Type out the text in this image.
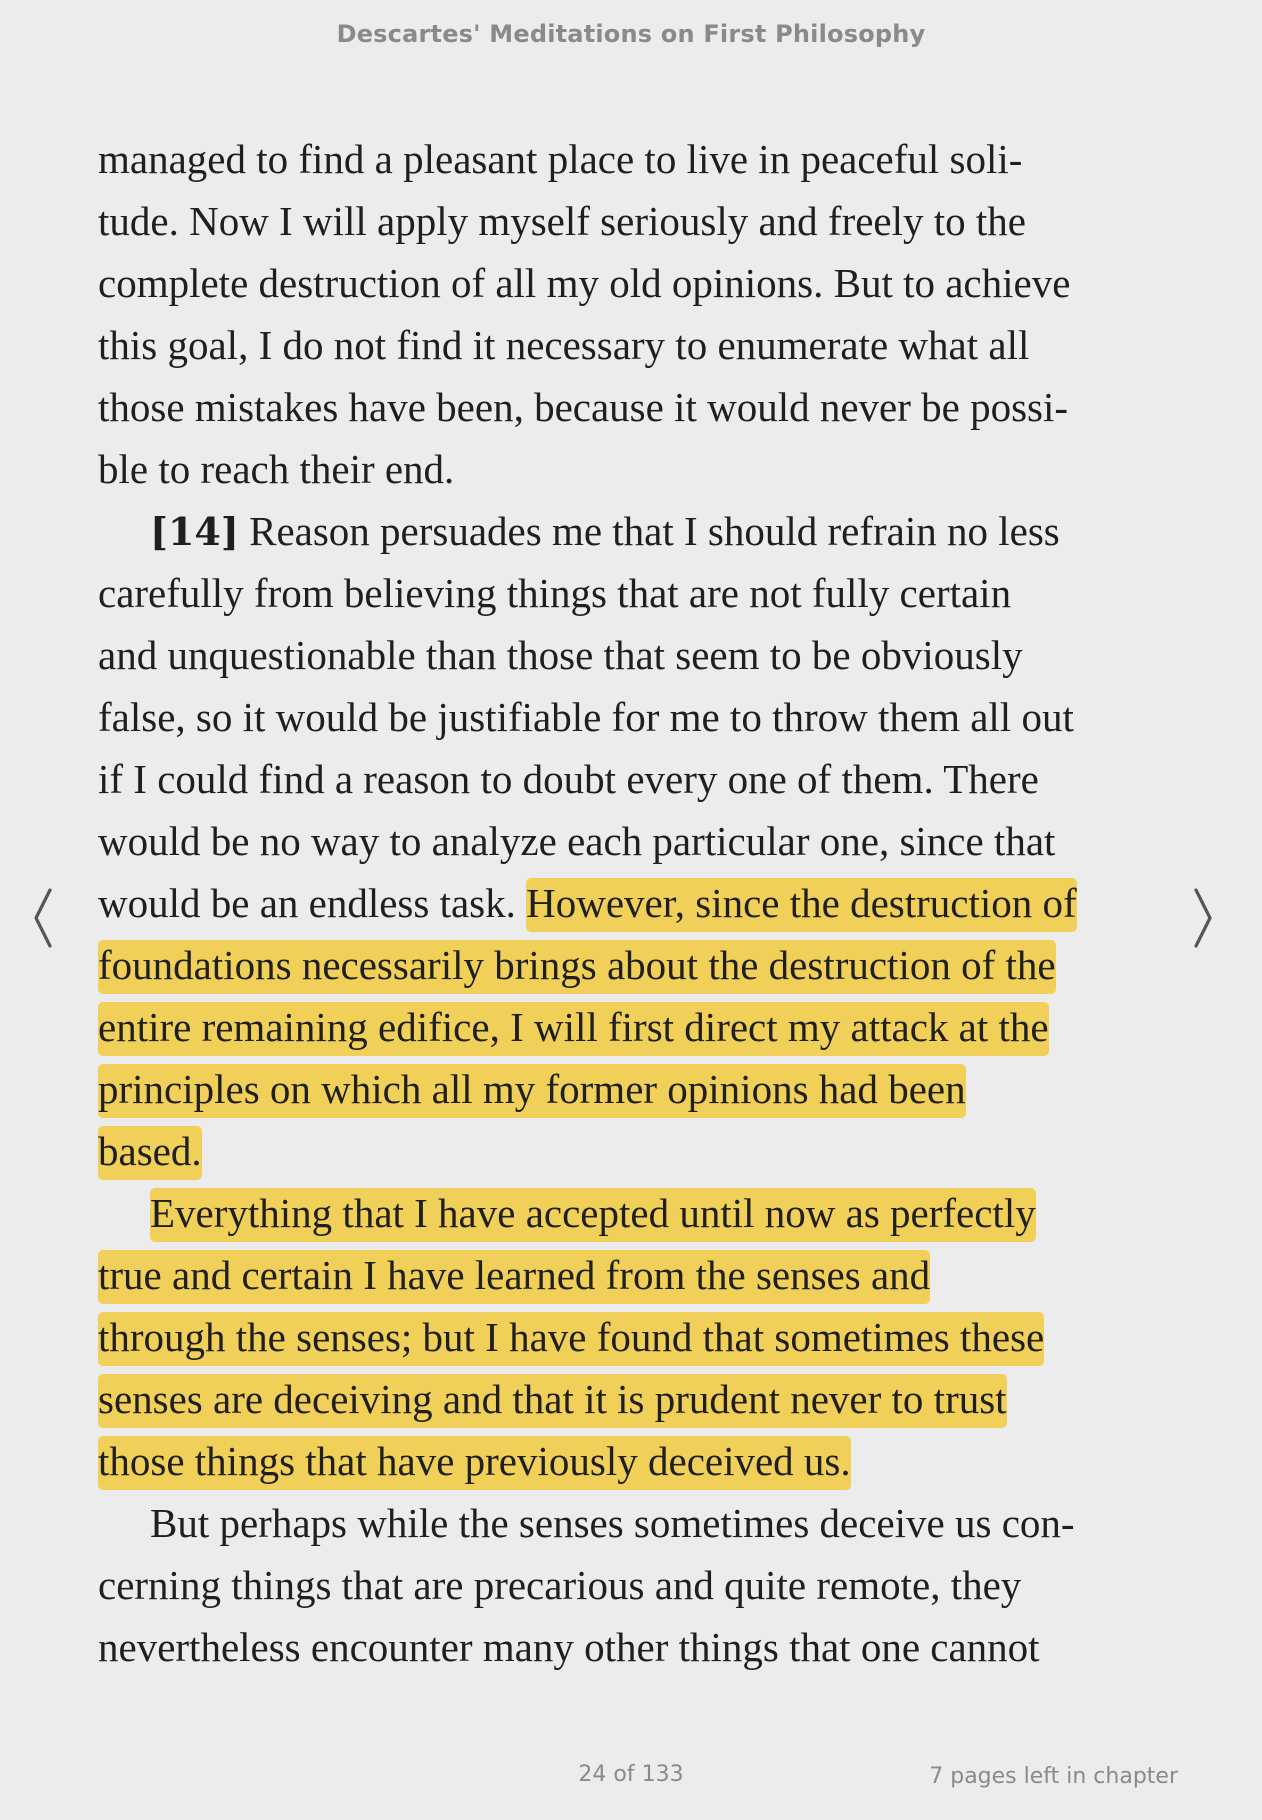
Descartes' Meditations on First Philosophy
managed to find a pleasant place to live in peaceful soli-
tude. Now I will apply myself seriously and freely to the
complete destruction of all my old opinions. But to achieve
this goal, I do not find it necessary to enumerate what all
those mistakes have been, because it would never be possi-
ble to reach their end.
[14] Reason persuades me that I should refrain no less
carefully from believing things that are not fully certain
and unquestionable than those that seem to be obviously
false, so it would be justifiable for me to throw them all out
if I could find a reason to doubt every one of them. There
would be no way to analyze each particular one, since that
would be an endless task. However, since the destruction of
foundations necessarily brings about the destruction of the
entire remaining edifice, I will first direct my attack at the
principles on which all my former opinions had been
based.
Everything that I have accepted until now as perfectly
true and certain I have learned from the senses and
through the senses; but I have found that sometimes these
senses are deceiving and that it is prudent never to trust
those things that have previously deceived us.
But perhaps while the senses sometimes deceive us con-
cerning things that are precarious and quite remote, they
nevertheless encounter many other things that one cannot
24 of 133	7 pages left in chapter
